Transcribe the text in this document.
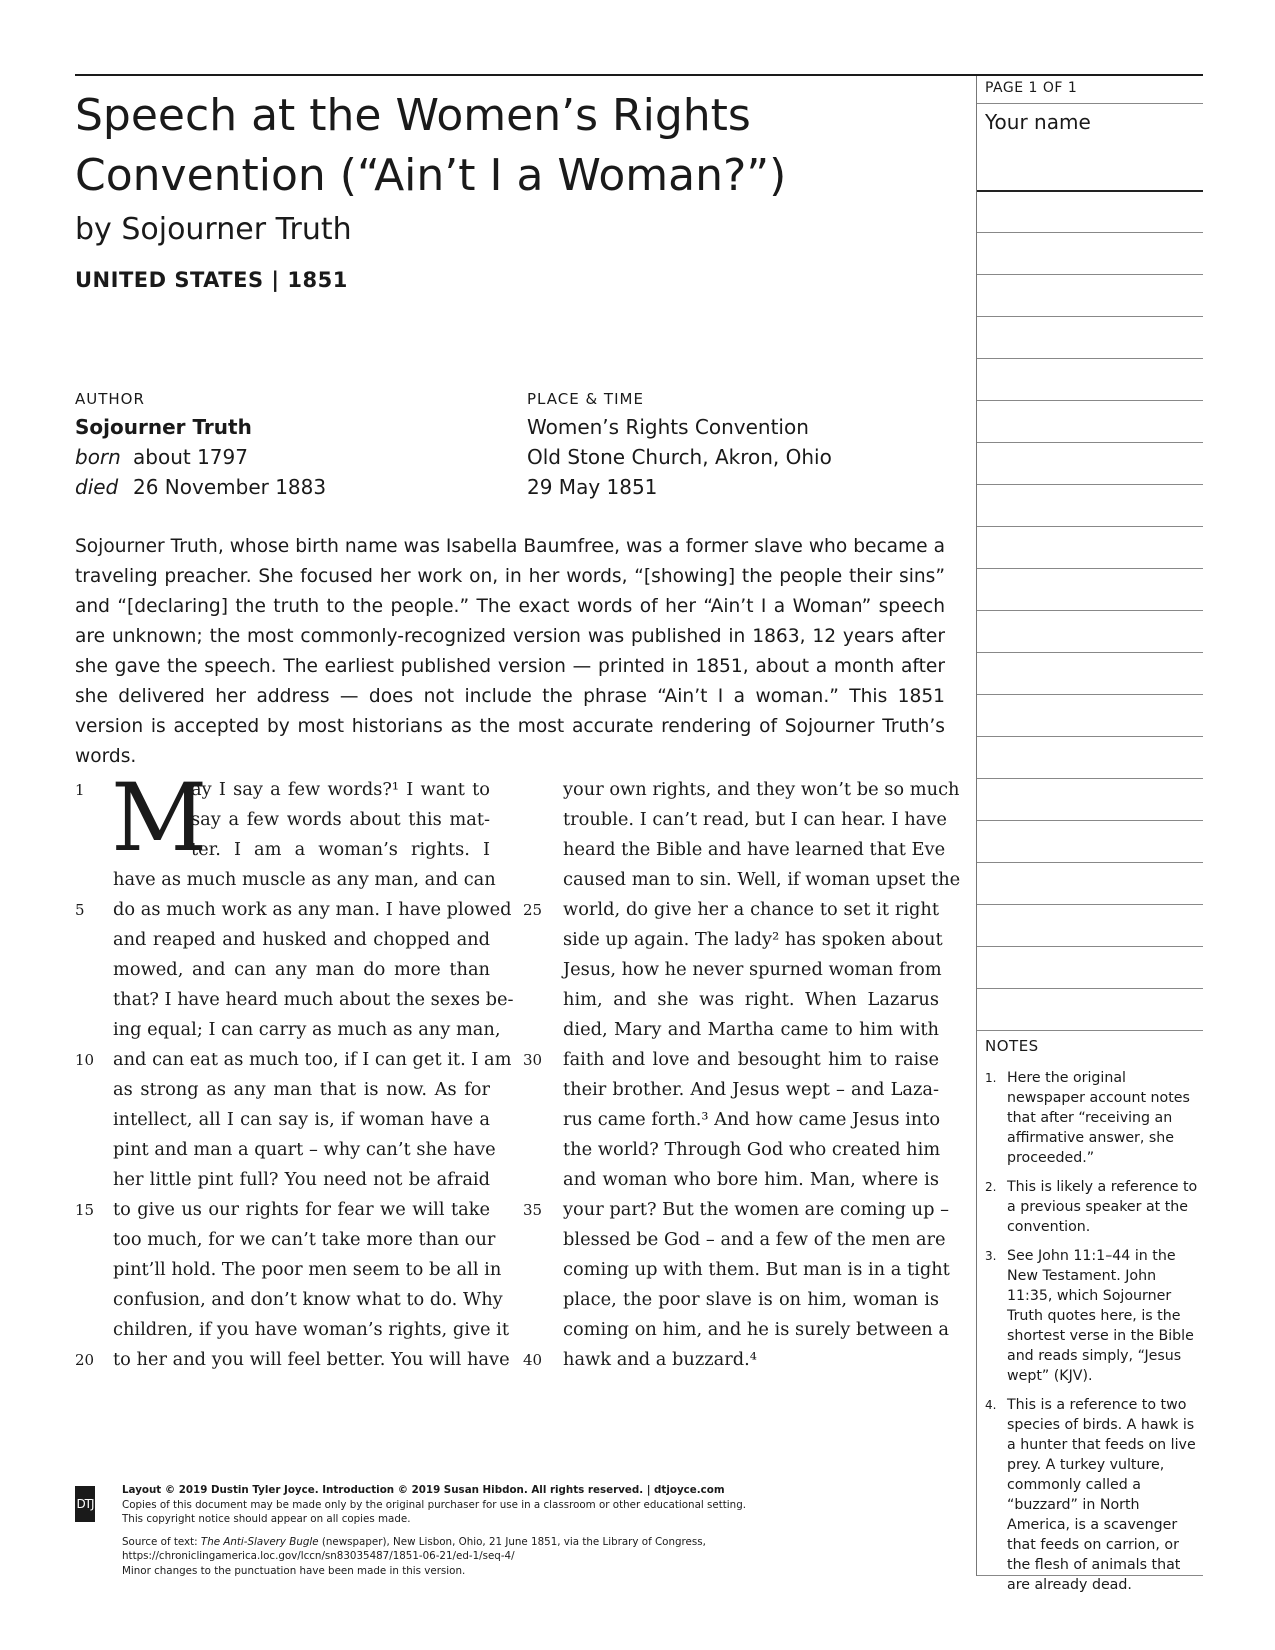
Speech at the Women’s Rights
Convention (“Ain’t I a Woman?”)
by Sojourner Truth
UNITED STATES | 1851
AUTHOR
Sojourner Truth
born about 1797
died 26 November 1883
PLACE & TIME
Women’s Rights Convention
Old Stone Church, Akron, Ohio
29 May 1851
Sojourner Truth, whose birth name was Isabella Baumfree, was a former slave who became a traveling preacher. She focused her work on, in her words, “[showing] the people their sins” and “[declaring] the truth to the people.” The exact words of her “Ain’t I a Woman” speech are unknown; the most commonly-recognized version was published in 1863, 12 years after she gave the speech. The earliest published version — printed in 1851, about a month after she delivered her address — does not include the phrase “Ain’t I a woman.” This 1851 version is accepted by most historians as the most accurate rendering of Sojourner Truth’s words.
M
ay I say a few words?¹ I want to
say a few words about this mat-
ter. I am a woman’s rights. I
have as much muscle as any man, and can
do as much work as any man. I have plowed
and reaped and husked and chopped and
mowed, and can any man do more than
that? I have heard much about the sexes be-
ing equal; I can carry as much as any man,
and can eat as much too, if I can get it. I am
as strong as any man that is now. As for
intellect, all I can say is, if woman have a
pint and man a quart – why can’t she have
her little pint full? You need not be afraid
to give us our rights for fear we will take
too much, for we can’t take more than our
pint’ll hold. The poor men seem to be all in
confusion, and don’t know what to do. Why
children, if you have woman’s rights, give it
to her and you will feel better. You will have
your own rights, and they won’t be so much
trouble. I can’t read, but I can hear. I have
heard the Bible and have learned that Eve
caused man to sin. Well, if woman upset the
world, do give her a chance to set it right
side up again. The lady² has spoken about
Jesus, how he never spurned woman from
him, and she was right. When Lazarus
died, Mary and Martha came to him with
faith and love and besought him to raise
their brother. And Jesus wept – and Laza-
rus came forth.³ And how came Jesus into
the world? Through God who created him
and woman who bore him. Man, where is
your part? But the women are coming up –
blessed be God – and a few of the men are
coming up with them. But man is in a tight
place, the poor slave is on him, woman is
coming on him, and he is surely between a
hawk and a buzzard.⁴
1
5
10
15
20
25
30
35
40
PAGE 1 OF 1
Your name
NOTES
1. Here the original newspaper account notes that after “receiving an affirmative answer, she proceeded.”
2. This is likely a reference to a previous speaker at the convention.
3. See John 11:1–44 in the New Testament. John 11:35, which Sojourner Truth quotes here, is the shortest verse in the Bible and reads simply, “Jesus wept” (KJV).
4. This is a reference to two species of birds. A hawk is a hunter that feeds on live prey. A turkey vulture, commonly called a “buzzard” in North America, is a scavenger that feeds on carrion, or the flesh of animals that are already dead.
DTJ
Layout © 2019 Dustin Tyler Joyce. Introduction © 2019 Susan Hibdon. All rights reserved. | dtjoyce.com
Copies of this document may be made only by the original purchaser for use in a classroom or other educational setting.
This copyright notice should appear on all copies made.
Source of text: The Anti-Slavery Bugle (newspaper), New Lisbon, Ohio, 21 June 1851, via the Library of Congress,
https://chroniclingamerica.loc.gov/lccn/sn83035487/1851-06-21/ed-1/seq-4/
Minor changes to the punctuation have been made in this version.
